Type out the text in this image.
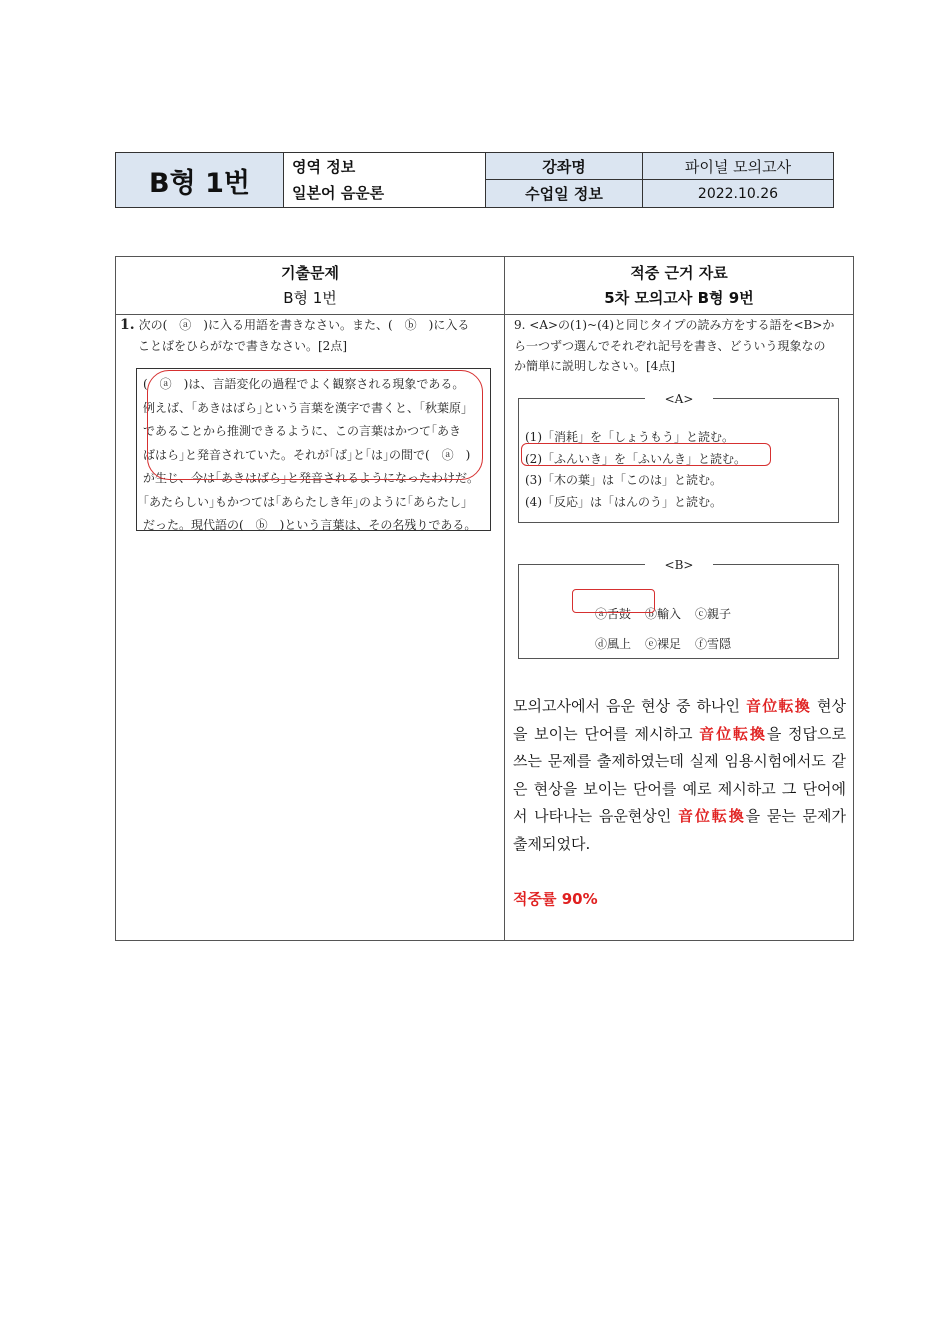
B형 1번
영역 정보
일본어 음운론
강좌명	파이널 모의고사
수업일 정보	2022.10.26
기출문제
B형 1번
적중 근거 자료
5차 모의고사 B형 9번
1. 次の(　ⓐ　)に入る用語を書きなさい。また、(　ⓑ　)に入る
ことばをひらがなで書きなさい。[2点]

(　ⓐ　)は、言語変化の過程でよく観察される現象である。

例えば、｢あきはばら｣という言葉を漢字で書くと、｢秋葉原｣

であることから推測できるように、この言葉はかつて｢あき

ばはら｣と発音されていた。それが｢ば｣と｢は｣の間で(　ⓐ　)

が生じ、今は｢あきはばら｣と発音されるようになったわけだ。

｢あたらしい｣もかつては｢あらたしき年｣のように｢あらたし｣

だった。現代語の(　ⓑ　)という言葉は、その名残りである。

9. <A>の(1)~(4)と同じタイプの読み方をする語を<B>か
ら一つずつ選んでそれぞれ記号を書き、どういう現象なの
か簡単に説明しなさい。[4点]
<A>
(1)「消耗」を「しょうもう」と読む。
(2)「ふんいき」を「ふいんき」と読む。
(3)「木の葉」は「このは」と読む。
(4)「反応」は「はんのう」と読む。
<B>
ⓐ舌鼓 ⓑ輸入 ⓒ親子
ⓓ風上 ⓔ裸足 ⓕ雪隠
모의고사에서 음운 현상 중 하나인 音位転換 현상을 보이는 단어를 제시하고 音位転換을 정답으로 쓰는 문제를 출제하였는데 실제 임용시험에서도 같은 현상을 보이는 단어를 예로 제시하고 그 단어에서 나타나는 음운현상인 音位転換을 묻는 문제가 출제되었다.
적중률 90%
